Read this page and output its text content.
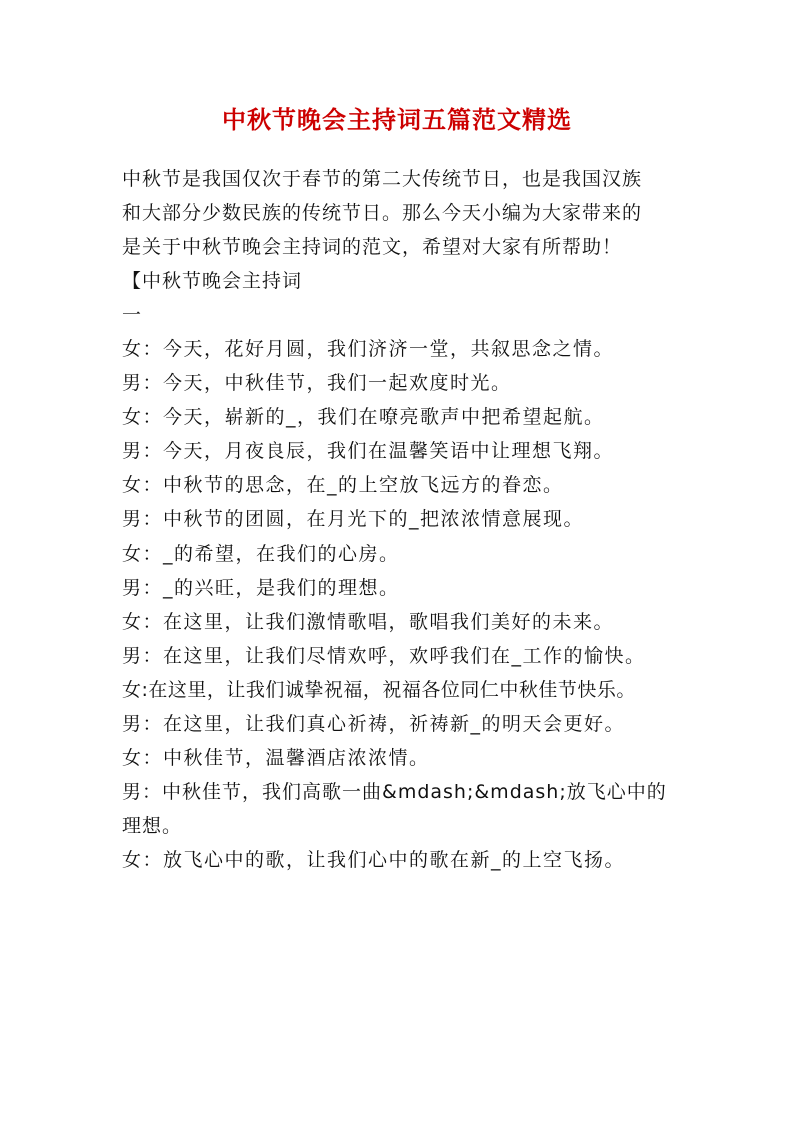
中秋节晚会主持词五篇范文精选
中秋节是我国仅次于春节的第二大传统节日，也是我国汉族
和大部分少数民族的传统节日。那么今天小编为大家带来的
是关于中秋节晚会主持词的范文，希望对大家有所帮助！
【中秋节晚会主持词
一
女：今天，花好月圆，我们济济一堂，共叙思念之情。
男：今天，中秋佳节，我们一起欢度时光。
女：今天，崭新的_，我们在嘹亮歌声中把希望起航。
男：今天，月夜良辰，我们在温馨笑语中让理想飞翔。
女：中秋节的思念，在_的上空放飞远方的眷恋。
男：中秋节的团圆，在月光下的_把浓浓情意展现。
女：_的希望，在我们的心房。
男：_的兴旺，是我们的理想。
女：在这里，让我们激情歌唱，歌唱我们美好的未来。
男：在这里，让我们尽情欢呼，欢呼我们在_工作的愉快。
女:在这里，让我们诚挚祝福，祝福各位同仁中秋佳节快乐。
男：在这里，让我们真心祈祷，祈祷新_的明天会更好。
女：中秋佳节，温馨酒店浓浓情。
男：中秋佳节，我们高歌一曲&mdash;&mdash;放飞心中的理想。
女：放飞心中的歌，让我们心中的歌在新_的上空飞扬。
